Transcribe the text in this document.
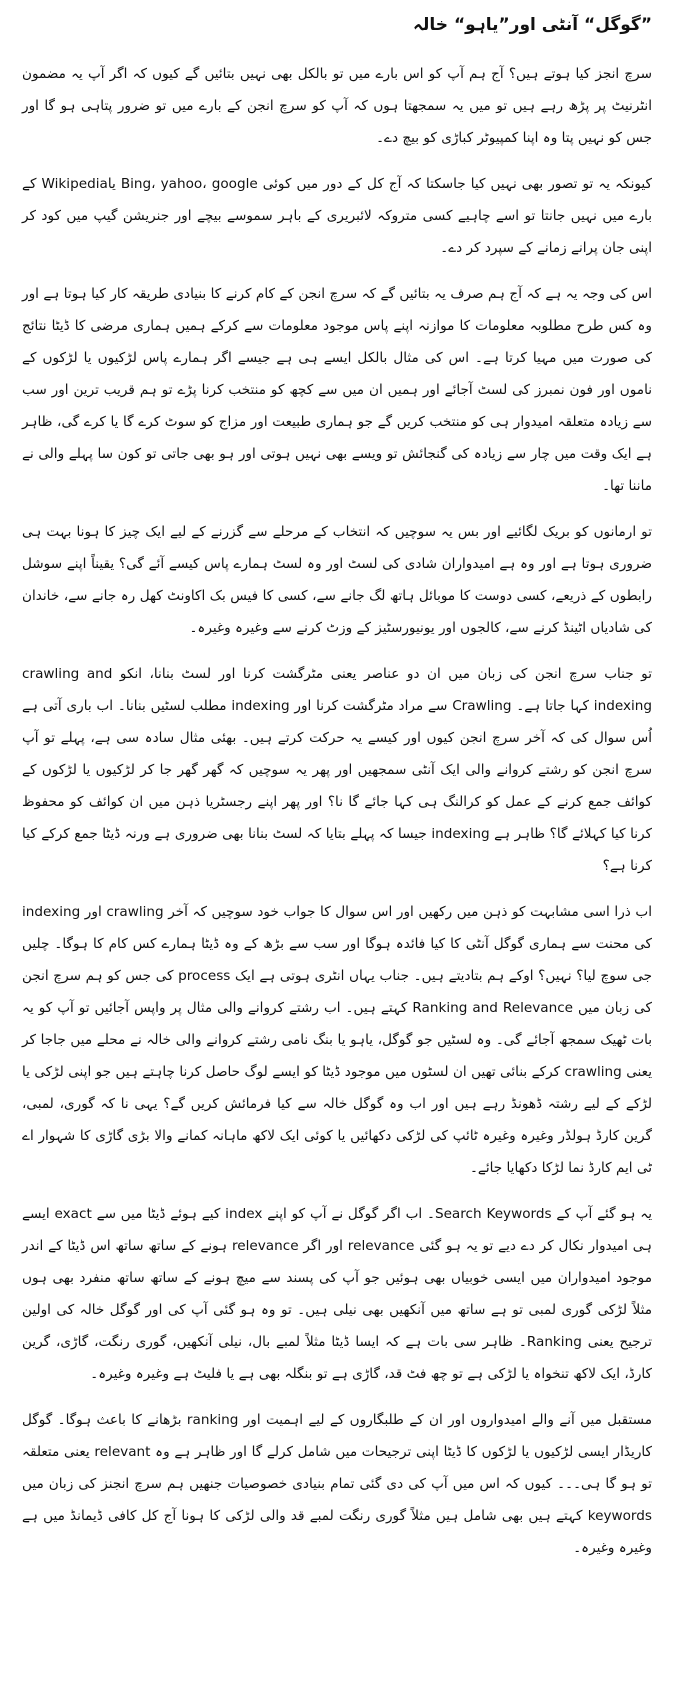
”گوگل“ آنٹی اور”یاہو“ خالہ

سرچ انجز کیا ہوتے ہیں؟ آج ہم آپ کو اس بارے میں تو بالکل بھی نہیں بتائیں گے کیوں کہ اگر آپ یہ مضمون انٹرنیٹ پر پڑھ رہے ہیں تو میں یہ سمجھتا ہوں کہ آپ کو سرچ انجن کے بارے میں تو ضرور پتاہی ہو گا اور جس کو نہیں پتا وہ اپنا کمپیوٹر کباڑی کو بیچ دے۔

کیونکہ یہ تو تصور بھی نہیں کیا جاسکتا کہ آج کل کے دور میں کوئی Bing، yahoo، google یاWikipedia کے بارے میں نہیں جانتا تو اسے چاہیے کسی متروکہ لائبریری کے باہر سموسے بیچے اور جنریشن گیپ میں کود کر اپنی جان پرانے زمانے کے سپرد کر دے۔

اس کی وجہ یہ ہے کہ آج ہم صرف یہ بتائیں گے کہ سرچ انجن کے کام کرنے کا بنیادی طریقہ کار کیا ہوتا ہے اور وہ کس طرح مطلوبہ معلومات کا موازنہ اپنے پاس موجود معلومات سے کرکے ہمیں ہماری مرضی کا ڈیٹا نتائج کی صورت میں مہیا کرتا ہے۔ اس کی مثال بالکل ایسے ہی ہے جیسے اگر ہمارے پاس لڑکیوں یا لڑکوں کے ناموں اور فون نمبرز کی لسٹ آجائے اور ہمیں ان میں سے کچھ کو منتخب کرنا پڑے تو ہم قریب ترین اور سب سے زیادہ متعلقہ امیدوار ہی کو منتخب کریں گے جو ہماری طبیعت اور مزاج کو سوٹ کرے گا یا کرے گی، ظاہر ہے ایک وقت میں چار سے زیادہ کی گنجائش تو ویسے بھی نہیں ہوتی اور ہو بھی جاتی تو کون سا پہلے والی نے ماننا تھا۔

تو ارمانوں کو بریک لگائیے اور بس یہ سوچیں کہ انتخاب کے مرحلے سے گزرنے کے لیے ایک چیز کا ہونا بہت ہی ضروری ہوتا ہے اور وہ ہے امیدواران شادی کی لسٹ اور وہ لسٹ ہمارے پاس کیسے آئے گی؟ یقیناً اپنے سوشل رابطوں کے ذریعے، کسی دوست کا موبائل ہاتھ لگ جانے سے، کسی کا فیس بک اکاونٹ کھل رہ جانے سے، خاندان کی شادیاں اٹینڈ کرنے سے، کالجوں اور یونیورسٹیز کے وزٹ کرنے سے وغیرہ وغیرہ۔

تو جناب سرچ انجن کی زبان میں ان دو عناصر یعنی مٹرگشت کرنا اور لسٹ بنانا، انکو crawling and indexing کہا جاتا ہے۔ Crawling سے مراد مٹرگشت کرنا اور indexing مطلب لسٹیں بنانا۔ اب باری آتی ہے اُس سوال کی کہ آخر سرچ انجن کیوں اور کیسے یہ حرکت کرتے ہیں۔ بھئی مثال سادہ سی ہے، پہلے تو آپ سرچ انجن کو رشتے کروانے والی ایک آنٹی سمجھیں اور پھر یہ سوچیں کہ گھر گھر جا کر لڑکیوں یا لڑکوں کے کوائف جمع کرنے کے عمل کو کرالنگ ہی کہا جائے گا نا؟ اور پھر اپنے رجسٹریا ذہن میں ان کوائف کو محفوظ کرنا کیا کہلائے گا؟ ظاہر ہے indexing جیسا کہ پہلے بتایا کہ لسٹ بنانا بھی ضروری ہے ورنہ ڈیٹا جمع کرکے کیا کرنا ہے؟

اب ذرا اسی مشابہت کو ذہن میں رکھیں اور اس سوال کا جواب خود سوچیں کہ آخر crawling اور indexing کی محنت سے ہماری گوگل آنٹی کا کیا فائدہ ہوگا اور سب سے بڑھ کے وہ ڈیٹا ہمارے کس کام کا ہوگا۔ چلیں جی سوچ لیا؟ نہیں؟ اوکے ہم بتادیتے ہیں۔ جناب یہاں انٹری ہوتی ہے ایک process کی جس کو ہم سرچ انجن کی زبان میں Ranking and Relevance کہتے ہیں۔ اب رشتے کروانے والی مثال پر واپس آجائیں تو آپ کو یہ بات ٹھیک سمجھ آجائے گی۔ وہ لسٹیں جو گوگل، یاہو یا بنگ نامی رشتے کروانے والی خالہ نے محلے میں جاجا کر یعنی crawling کرکے بنائی تھیں ان لسٹوں میں موجود ڈیٹا کو ایسے لوگ حاصل کرنا چاہتے ہیں جو اپنی لڑکی یا لڑکے کے لیے رشتہ ڈھونڈ رہے ہیں اور اب وہ گوگل خالہ سے کیا فرمائش کریں گے؟ یہی نا کہ گوری، لمبی، گرین کارڈ ہولڈر وغیرہ وغیرہ ٹائپ کی لڑکی دکھائیں یا کوئی ایک لاکھ ماہانہ کمانے والا بڑی گاڑی کا شہوار اے ٹی ایم کارڈ نما لڑکا دکھایا جائے۔

یہ ہو گئے آپ کے Search Keywords۔ اب اگر گوگل نے آپ کو اپنے index کیے ہوئے ڈیٹا میں سے exact ایسے ہی امیدوار نکال کر دے دیے تو یہ ہو گئی relevance اور اگر relevance ہونے کے ساتھ ساتھ اس ڈیٹا کے اندر موجود امیدواران میں ایسی خوبیاں بھی ہوئیں جو آپ کی پسند سے میچ ہونے کے ساتھ ساتھ منفرد بھی ہوں مثلاً لڑکی گوری لمبی تو ہے ساتھ میں آنکھیں بھی نیلی ہیں۔ تو وہ ہو گئی آپ کی اور گوگل خالہ کی اولین ترجیح یعنی Ranking۔ ظاہر سی بات ہے کہ ایسا ڈیٹا مثلاً لمبے بال، نیلی آنکھیں، گوری رنگت، گاڑی، گرین کارڈ، ایک لاکھ تنخواہ یا لڑکی ہے تو چھ فٹ قد، گاڑی ہے تو بنگلہ بھی ہے یا فلیٹ ہے وغیرہ وغیرہ۔

مستقبل میں آنے والے امیدواروں اور ان کے طلبگاروں کے لیے اہمیت اور ranking بڑھانے کا باعث ہوگا۔ گوگل کاریڈار ایسی لڑکیوں یا لڑکوں کا ڈیٹا اپنی ترجیحات میں شامل کرلے گا اور ظاہر ہے وہ relevant یعنی متعلقہ تو ہو گا ہی۔۔۔ کیوں کہ اس میں آپ کی دی گئی تمام بنیادی خصوصیات جنھیں ہم سرچ انجنز کی زبان میں keywords کہتے ہیں بھی شامل ہیں مثلاً گوری رنگت لمبے قد والی لڑکی کا ہونا آج کل کافی ڈیمانڈ میں ہے وغیرہ وغیرہ۔
